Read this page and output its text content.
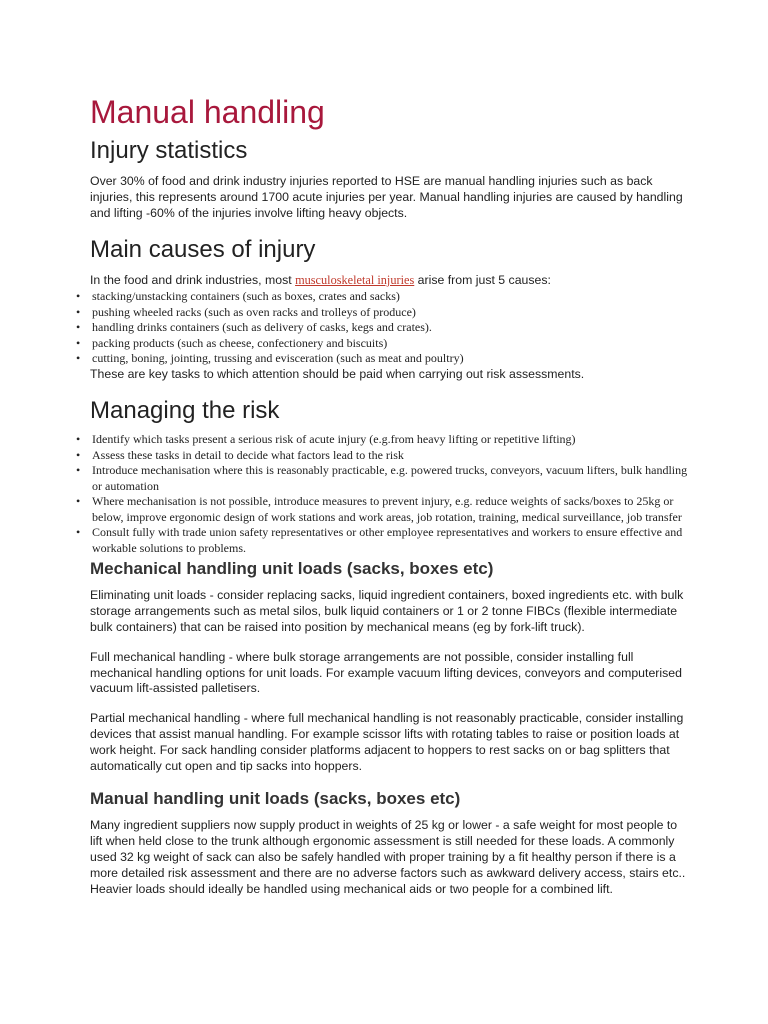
Manual handling
Injury statistics

Over 30% of food and drink industry injuries reported to HSE are manual handling injuries such as back injuries, this represents around 1700 acute injuries per year. Manual handling injuries are caused by handling and lifting -60% of the injuries involve lifting heavy objects.

Main causes of injury

In the food and drink industries, most musculoskeletal injuries arise from just 5 causes:

• stacking/unstacking containers (such as boxes, crates and sacks)
• pushing wheeled racks (such as oven racks and trolleys of produce)
• handling drinks containers (such as delivery of casks, kegs and crates).
• packing products (such as cheese, confectionery and biscuits)
• cutting, boning, jointing, trussing and evisceration (such as meat and poultry)

These are key tasks to which attention should be paid when carrying out risk assessments.

Managing the risk
• Identify which tasks present a serious risk of acute injury (e.g.from heavy lifting or repetitive lifting)
• Assess these tasks in detail to decide what factors lead to the risk
• Introduce mechanisation where this is reasonably practicable, e.g. powered trucks, conveyors, vacuum lifters, bulk handling or automation
• Where mechanisation is not possible, introduce measures to prevent injury, e.g. reduce weights of sacks/boxes to 25kg or below, improve ergonomic design of work stations and work areas, job rotation, training, medical surveillance, job transfer
• Consult fully with trade union safety representatives or other employee representatives and workers to ensure effective and workable solutions to problems.
Mechanical handling unit loads (sacks, boxes etc)

Eliminating unit loads - consider replacing sacks, liquid ingredient containers, boxed ingredients etc. with bulk storage arrangements such as metal silos, bulk liquid containers or 1 or 2 tonne FIBCs (flexible intermediate bulk containers) that can be raised into position by mechanical means (eg by fork-lift truck).

Full mechanical handling - where bulk storage arrangements are not possible, consider installing full mechanical handling options for unit loads. For example vacuum lifting devices, conveyors and computerised vacuum lift-assisted palletisers.

Partial mechanical handling - where full mechanical handling is not reasonably practicable, consider installing devices that assist manual handling. For example scissor lifts with rotating tables to raise or position loads at work height. For sack handling consider platforms adjacent to hoppers to rest sacks on or bag splitters that automatically cut open and tip sacks into hoppers.

Manual handling unit loads (sacks, boxes etc)

Many ingredient suppliers now supply product in weights of 25 kg or lower - a safe weight for most people to lift when held close to the trunk although ergonomic assessment is still needed for these loads. A commonly used 32 kg weight of sack can also be safely handled with proper training by a fit healthy person if there is a more detailed risk assessment and there are no adverse factors such as awkward delivery access, stairs etc.. Heavier loads should ideally be handled using mechanical aids or two people for a combined lift.
